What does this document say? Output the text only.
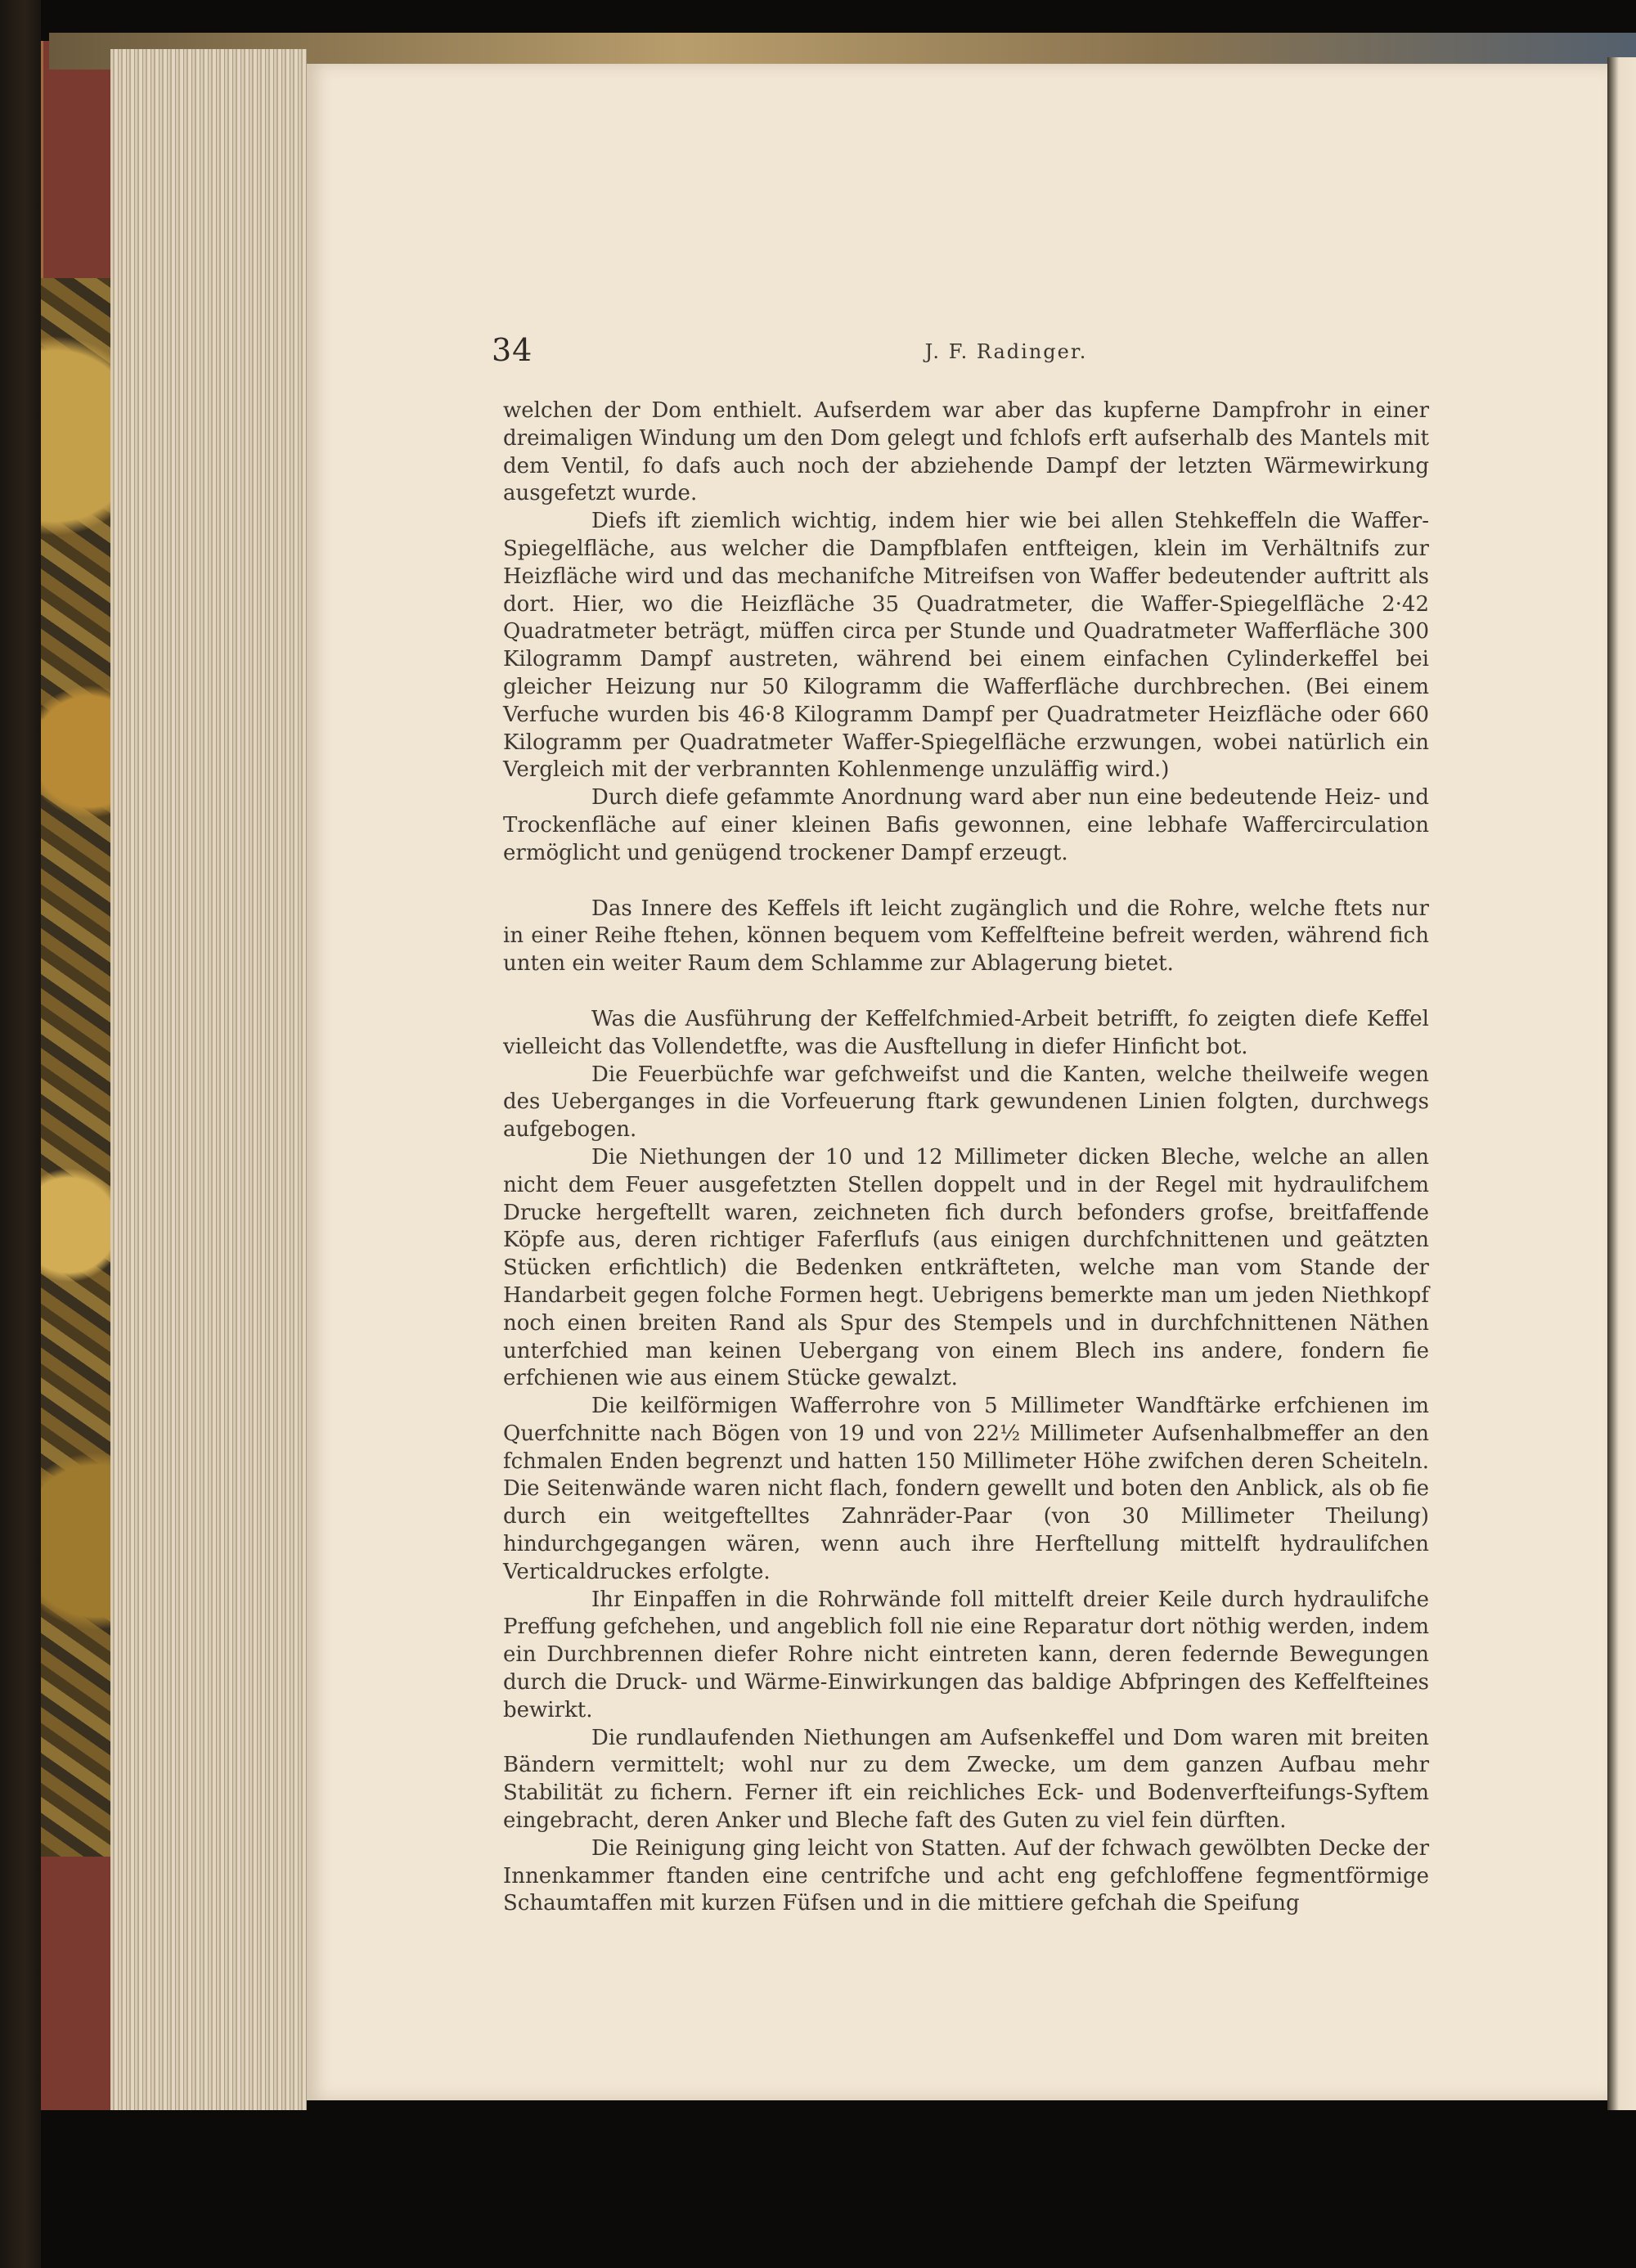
34	J. F. Radinger.

welchen der Dom enthielt. Aufserdem war aber das kupferne Dampfrohr in einer dreimaligen Windung um den Dom gelegt und fchlofs erft aufserhalb des Mantels mit dem Ventil, fo dafs auch noch der abziehende Dampf der letzten Wärmewirkung ausgefetzt wurde.

Diefs ift ziemlich wichtig, indem hier wie bei allen Stehkeffeln die Waffer-Spiegelfläche, aus welcher die Dampfblafen entfteigen, klein im Verhältnifs zur Heizfläche wird und das mechanifche Mitreifsen von Waffer bedeutender auftritt als dort. Hier, wo die Heizfläche 35 Quadratmeter, die Waffer-Spiegelfläche 2·42 Quadratmeter beträgt, müffen circa per Stunde und Quadratmeter Wafferfläche 300 Kilogramm Dampf austreten, während bei einem einfachen Cylinderkeffel bei gleicher Heizung nur 50 Kilogramm die Wafferfläche durchbrechen. (Bei einem Verfuche wurden bis 46·8 Kilogramm Dampf per Quadratmeter Heizfläche oder 660 Kilogramm per Quadratmeter Waffer-Spiegelfläche erzwungen, wobei natürlich ein Vergleich mit der verbrannten Kohlenmenge unzuläffig wird.)

Durch diefe gefammte Anordnung ward aber nun eine bedeutende Heiz- und Trockenfläche auf einer kleinen Bafis gewonnen, eine lebhafe Waffercirculation ermöglicht und genügend trockener Dampf erzeugt.

Das Innere des Keffels ift leicht zugänglich und die Rohre, welche ftets nur in einer Reihe ftehen, können bequem vom Keffelfteine befreit werden, während fich unten ein weiter Raum dem Schlamme zur Ablagerung bietet.

Was die Ausführung der Keffelfchmied-Arbeit betrifft, fo zeigten diefe Keffel vielleicht das Vollendetfte, was die Ausftellung in diefer Hinficht bot.

Die Feuerbüchfe war gefchweifst und die Kanten, welche theilweife wegen des Ueberganges in die Vorfeuerung ftark gewundenen Linien folgten, durchwegs aufgebogen.

Die Niethungen der 10 und 12 Millimeter dicken Bleche, welche an allen nicht dem Feuer ausgefetzten Stellen doppelt und in der Regel mit hydraulifchem Drucke hergeftellt waren, zeichneten fich durch befonders grofse, breitfaffende Köpfe aus, deren richtiger Faferflufs (aus einigen durchfchnittenen und geätzten Stücken erfichtlich) die Bedenken entkräfteten, welche man vom Stande der Handarbeit gegen folche Formen hegt. Uebrigens bemerkte man um jeden Niethkopf noch einen breiten Rand als Spur des Stempels und in durchfchnittenen Näthen unterfchied man keinen Uebergang von einem Blech ins andere, fondern fie erfchienen wie aus einem Stücke gewalzt.

Die keilförmigen Wafferrohre von 5 Millimeter Wandftärke erfchienen im Querfchnitte nach Bögen von 19 und von 22½ Millimeter Aufsenhalbmeffer an den fchmalen Enden begrenzt und hatten 150 Millimeter Höhe zwifchen deren Scheiteln. Die Seitenwände waren nicht flach, fondern gewellt und boten den Anblick, als ob fie durch ein weitgeftelltes Zahnräder-Paar (von 30 Millimeter Theilung) hindurchgegangen wären, wenn auch ihre Herftellung mittelft hydraulifchen Verticaldruckes erfolgte.

Ihr Einpaffen in die Rohrwände foll mittelft dreier Keile durch hydraulifche Preffung gefchehen, und angeblich foll nie eine Reparatur dort nöthig werden, indem ein Durchbrennen diefer Rohre nicht eintreten kann, deren federnde Bewegungen durch die Druck- und Wärme-Einwirkungen das baldige Abfpringen des Keffelfteines bewirkt.

Die rundlaufenden Niethungen am Aufsenkeffel und Dom waren mit breiten Bändern vermittelt; wohl nur zu dem Zwecke, um dem ganzen Aufbau mehr Stabilität zu fichern. Ferner ift ein reichliches Eck- und Bodenverfteifungs-Syftem eingebracht, deren Anker und Bleche faft des Guten zu viel fein dürften.

Die Reinigung ging leicht von Statten. Auf der fchwach gewölbten Decke der Innenkammer ftanden eine centrifche und acht eng gefchloffene fegmentförmige Schaumtaffen mit kurzen Füfsen und in die mittiere gefchah die Speifung
